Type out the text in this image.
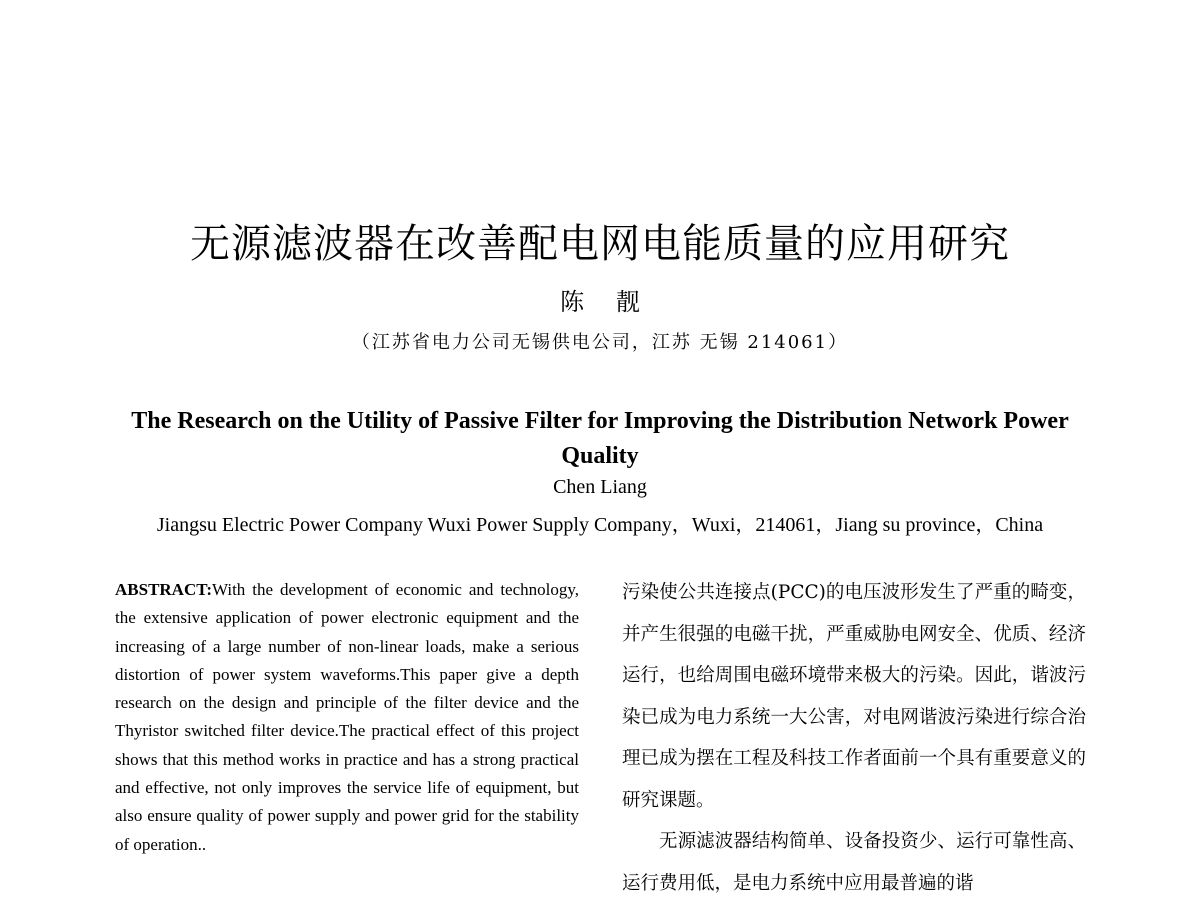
无源滤波器在改善配电网电能质量的应用研究
陈 靓
（江苏省电力公司无锡供电公司，江苏 无锡 214061）
The Research on the Utility of Passive Filter for Improving the Distribution Network Power Quality
Chen Liang
Jiangsu Electric Power Company Wuxi Power Supply Company，Wuxi，214061，Jiang su province，China
ABSTRACT:With the development of economic and technology, the extensive application of power electronic equipment and the increasing of a large number of non-linear loads, make a serious distortion of power system waveforms.This paper give a depth research on the design and principle of the filter device and the Thyristor switched filter device.The practical effect of this project shows that this method works in practice and has a strong practical and effective, not only improves the service life of equipment, but also ensure quality of power supply and power grid for the stability of operation..

污染使公共连接点(PCC)的电压波形发生了严重的畸变，并产生很强的电磁干扰，严重威胁电网安全、优质、经济运行，也给周围电磁环境带来极大的污染。因此，谐波污染已成为电力系统一大公害，对电网谐波污染进行综合治理已成为摆在工程及科技工作者面前一个具有重要意义的研究课题。

无源滤波器结构简单、设备投资少、运行可靠性高、运行费用低，是电力系统中应用最普遍的谐
